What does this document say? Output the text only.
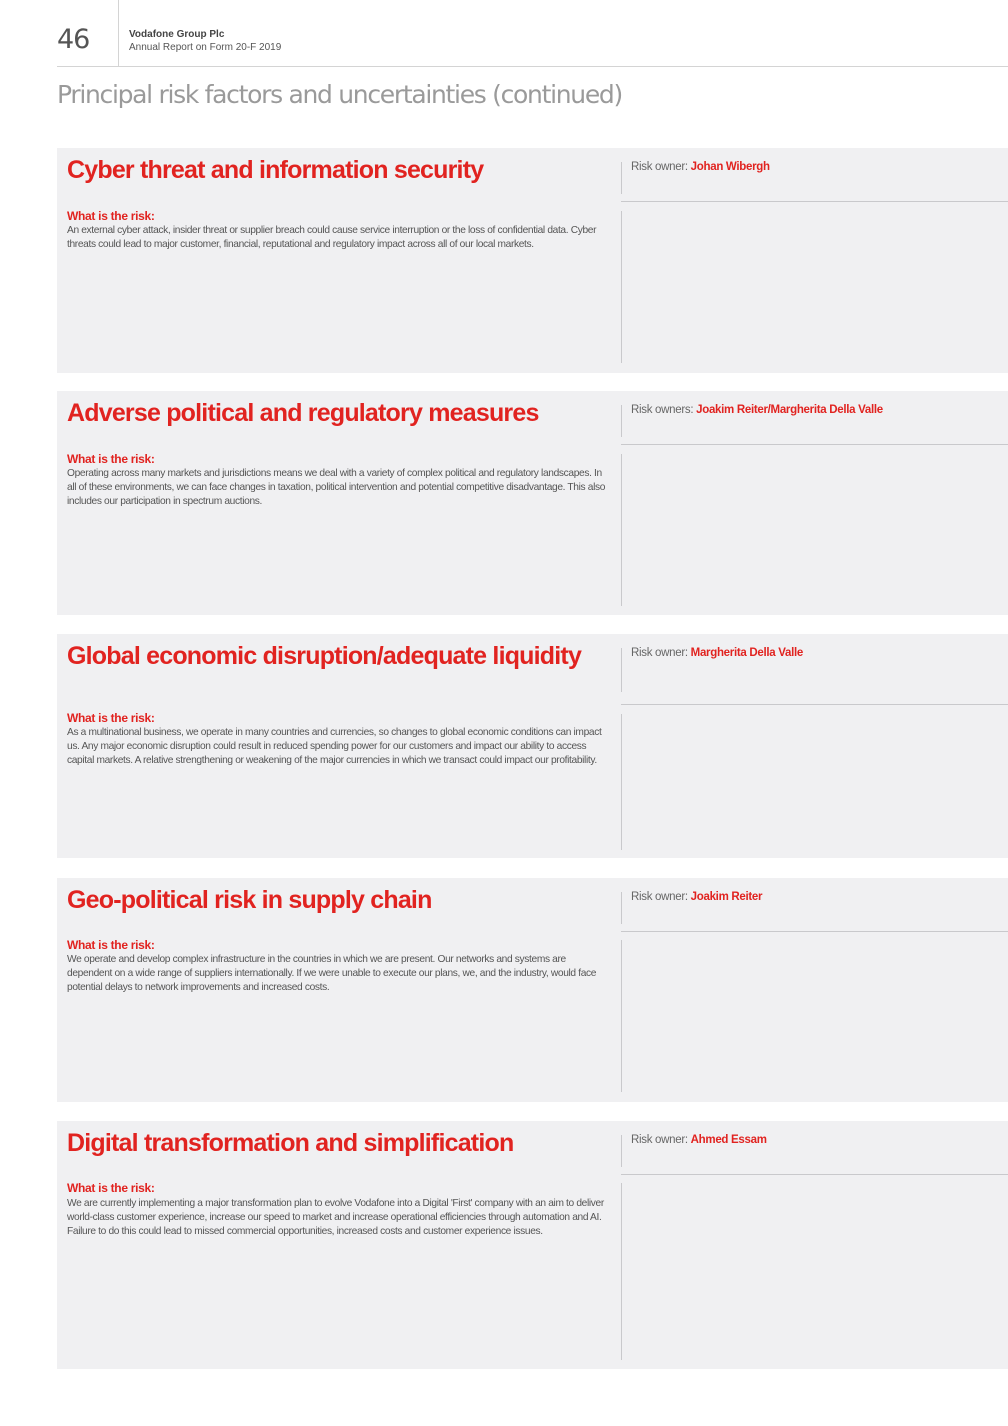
46	Vodafone Group Plc
Annual Report on Form 20-F 2019
Principal risk factors and uncertainties (continued)
Cyber threat and information security	Risk owner: Johan Wibergh
What is the risk:
An external cyber attack, insider threat or supplier breach could cause service interruption or the loss of confidential data. Cyber threats could lead to major customer, financial, reputational and regulatory impact across all of our local markets.
Adverse political and regulatory measures	Risk owners: Joakim Reiter/Margherita Della Valle
What is the risk:
Operating across many markets and jurisdictions means we deal with a variety of complex political and regulatory landscapes. In all of these environments, we can face changes in taxation, political intervention and potential competitive disadvantage. This also includes our participation in spectrum auctions.
Global economic disruption/adequate liquidity	Risk owner: Margherita Della Valle
What is the risk:
As a multinational business, we operate in many countries and currencies, so changes to global economic conditions can impact us. Any major economic disruption could result in reduced spending power for our customers and impact our ability to access capital markets. A relative strengthening or weakening of the major currencies in which we transact could impact our profitability.
Geo-political risk in supply chain	Risk owner: Joakim Reiter
What is the risk:
We operate and develop complex infrastructure in the countries in which we are present. Our networks and systems are dependent on a wide range of suppliers internationally. If we were unable to execute our plans, we, and the industry, would face potential delays to network improvements and increased costs.
Digital transformation and simplification	Risk owner: Ahmed Essam
What is the risk:
We are currently implementing a major transformation plan to evolve Vodafone into a Digital 'First' company with an aim to deliver world-class customer experience, increase our speed to market and increase operational efficiencies through automation and AI. Failure to do this could lead to missed commercial opportunities, increased costs and customer experience issues.
